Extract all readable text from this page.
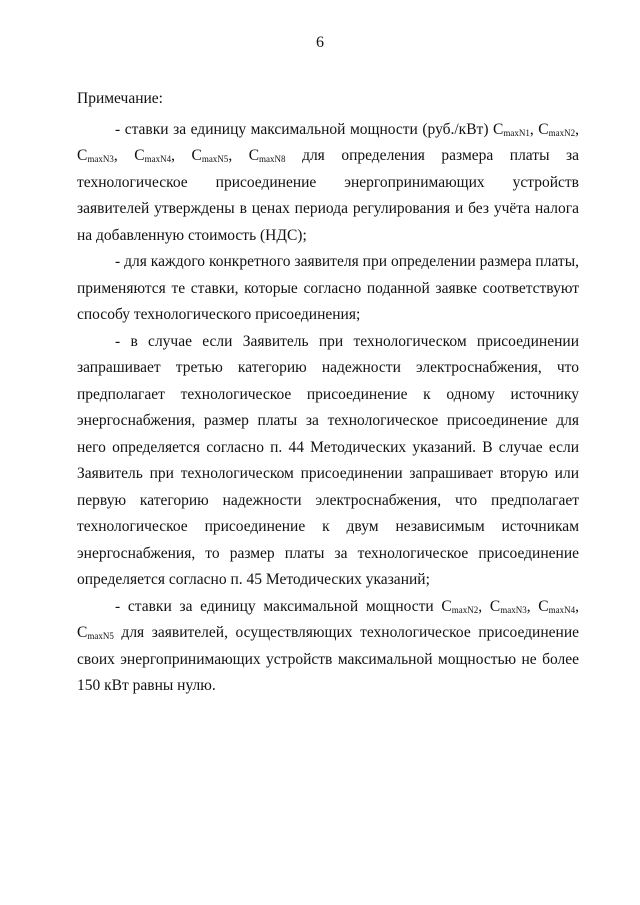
6

Примечание:

- ставки за единицу максимальной мощности (руб./кВт) $C_{maxN1}$, $C_{maxN2}$, $C_{maxN3}$, $C_{maxN4}$, $C_{maxN5}$, $C_{maxN8}$ для определения размера платы за технологическое присоединение энергопринимающих устройств заявителей утверждены в ценах периода регулирования и без учёта налога на добавленную стоимость (НДС);

- для каждого конкретного заявителя при определении размера платы, применяются те ставки, которые согласно поданной заявке соответствуют способу технологического присоединения;

- в случае если Заявитель при технологическом присоединении запрашивает третью категорию надежности электроснабжения, что предполагает технологическое присоединение к одному источнику энергоснабжения, размер платы за технологическое присоединение для него определяется согласно п. 44 Методических указаний. В случае если Заявитель при технологическом присоединении запрашивает вторую или первую категорию надежности электроснабжения, что предполагает технологическое присоединение к двум независимым источникам энергоснабжения, то размер платы за технологическое присоединение определяется согласно п. 45 Методических указаний;

- ставки за единицу максимальной мощности $C_{maxN2}$, $C_{maxN3}$, $C_{maxN4}$, $C_{maxN5}$ для заявителей, осуществляющих технологическое присоединение своих энергопринимающих устройств максимальной мощностью не более 150 кВт равны нулю.
